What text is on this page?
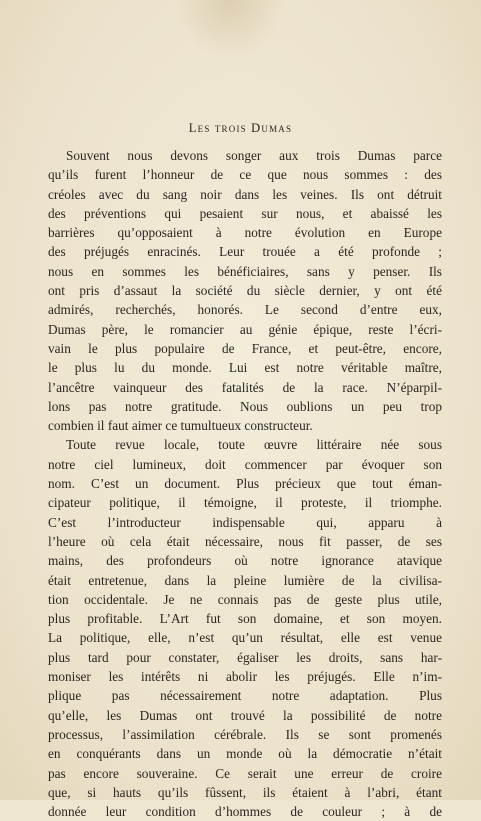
Les trois Dumas
Souvent nous devons songer aux trois Dumas parce
qu’ils furent l’honneur de ce que nous sommes : des
créoles avec du sang noir dans les veines. Ils ont détruit
des préventions qui pesaient sur nous, et abaissé les
barrières qu’opposaient à notre évolution en Europe
des préjugés enracinés. Leur trouée a été profonde ;
nous en sommes les bénéficiaires, sans y penser. Ils
ont pris d’assaut la société du siècle dernier, y ont été
admirés, recherchés, honorés. Le second d’entre eux,
Dumas père, le romancier au génie épique, reste l’écri-
vain le plus populaire de France, et peut-être, encore,
le plus lu du monde. Lui est notre véritable maître,
l’ancêtre vainqueur des fatalités de la race. N’éparpil-
lons pas notre gratitude. Nous oublions un peu trop
combien il faut aimer ce tumultueux constructeur.
Toute revue locale, toute œuvre littéraire née sous
notre ciel lumineux, doit commencer par évoquer son
nom. C’est un document. Plus précieux que tout éman-
cipateur politique, il témoigne, il proteste, il triomphe.
C’est l’introducteur indispensable qui, apparu à
l’heure où cela était nécessaire, nous fit passer, de ses
mains, des profondeurs où notre ignorance atavique
était entretenue, dans la pleine lumière de la civilisa-
tion occidentale. Je ne connais pas de geste plus utile,
plus profitable. L’Art fut son domaine, et son moyen.
La politique, elle, n’est qu’un résultat, elle est venue
plus tard pour constater, égaliser les droits, sans har-
moniser les intérêts ni abolir les préjugés. Elle n’im-
plique pas nécessairement notre adaptation. Plus
qu’elle, les Dumas ont trouvé la possibilité de notre
processus, l’assimilation cérébrale. Ils se sont promenés
en conquérants dans un monde où la démocratie n’était
pas encore souveraine. Ce serait une erreur de croire
que, si hauts qu’ils fûssent, ils étaient à l’abri, étant
donnée leur condition d’hommes de couleur ; à de
